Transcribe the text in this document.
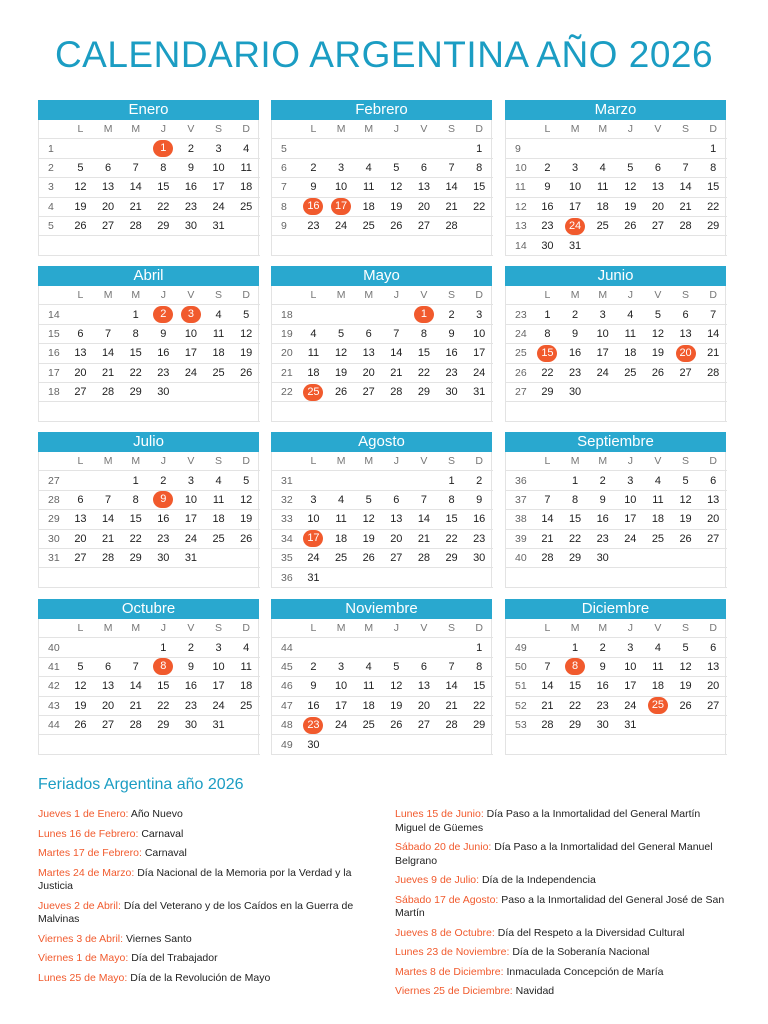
CALENDARIO ARGENTINA AÑO 2026
Enero
	L	M	M	J	V	S	D
1				1	2	3	4
2	5	6	7	8	9	10	11
3	12	13	14	15	16	17	18
4	19	20	21	22	23	24	25
5	26	27	28	29	30	31	

Febrero
	L	M	M	J	V	S	D
5							1
6	2	3	4	5	6	7	8
7	9	10	11	12	13	14	15
8	16	17	18	19	20	21	22
9	23	24	25	26	27	28	

Marzo
	L	M	M	J	V	S	D
9							1
10	2	3	4	5	6	7	8
11	9	10	11	12	13	14	15
12	16	17	18	19	20	21	22
13	23	24	25	26	27	28	29
14	30	31					
Abril
	L	M	M	J	V	S	D
14			1	2	3	4	5
15	6	7	8	9	10	11	12
16	13	14	15	16	17	18	19
17	20	21	22	23	24	25	26
18	27	28	29	30			

Mayo
	L	M	M	J	V	S	D
18					1	2	3
19	4	5	6	7	8	9	10
20	11	12	13	14	15	16	17
21	18	19	20	21	22	23	24
22	25	26	27	28	29	30	31

Junio
	L	M	M	J	V	S	D
23	1	2	3	4	5	6	7
24	8	9	10	11	12	13	14
25	15	16	17	18	19	20	21
26	22	23	24	25	26	27	28
27	29	30					

Julio
	L	M	M	J	V	S	D
27			1	2	3	4	5
28	6	7	8	9	10	11	12
29	13	14	15	16	17	18	19
30	20	21	22	23	24	25	26
31	27	28	29	30	31		

Agosto
	L	M	M	J	V	S	D
31						1	2
32	3	4	5	6	7	8	9
33	10	11	12	13	14	15	16
34	17	18	19	20	21	22	23
35	24	25	26	27	28	29	30
36	31						
Septiembre
	L	M	M	J	V	S	D
36		1	2	3	4	5	6
37	7	8	9	10	11	12	13
38	14	15	16	17	18	19	20
39	21	22	23	24	25	26	27
40	28	29	30				

Octubre
	L	M	M	J	V	S	D
40				1	2	3	4
41	5	6	7	8	9	10	11
42	12	13	14	15	16	17	18
43	19	20	21	22	23	24	25
44	26	27	28	29	30	31	

Noviembre
	L	M	M	J	V	S	D
44							1
45	2	3	4	5	6	7	8
46	9	10	11	12	13	14	15
47	16	17	18	19	20	21	22
48	23	24	25	26	27	28	29
49	30						
Diciembre
	L	M	M	J	V	S	D
49		1	2	3	4	5	6
50	7	8	9	10	11	12	13
51	14	15	16	17	18	19	20
52	21	22	23	24	25	26	27
53	28	29	30	31			

Feriados Argentina año 2026
Jueves 1 de Enero: Año Nuevo
Lunes 16 de Febrero: Carnaval
Martes 17 de Febrero: Carnaval
Martes 24 de Marzo: Día Nacional de la Memoria por la Verdad y la Justicia
Jueves 2 de Abril: Día del Veterano y de los Caídos en la Guerra de Malvinas
Viernes 3 de Abril: Viernes Santo
Viernes 1 de Mayo: Día del Trabajador
Lunes 25 de Mayo: Día de la Revolución de Mayo
Lunes 15 de Junio: Día Paso a la Inmortalidad del General Martín Miguel de Güemes
Sábado 20 de Junio: Día Paso a la Inmortalidad del General Manuel Belgrano
Jueves 9 de Julio: Día de la Independencia
Sábado 17 de Agosto: Paso a la Inmortalidad del General José de San Martín
Jueves 8 de Octubre: Día del Respeto a la Diversidad Cultural
Lunes 23 de Noviembre: Día de la Soberanía Nacional
Martes 8 de Diciembre: Inmaculada Concepción de María
Viernes 25 de Diciembre: Navidad
